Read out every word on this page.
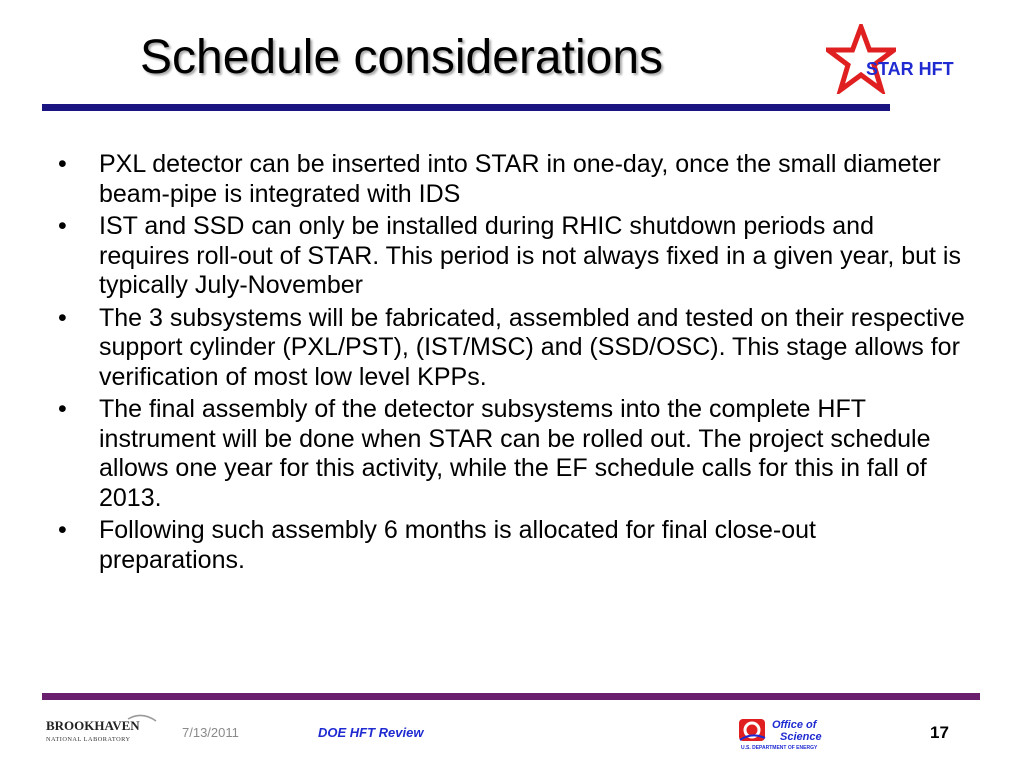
Schedule considerations	STAR HFT
• PXL detector can be inserted into STAR in one-day, once the small diameter beam-pipe is integrated with IDS
• IST and SSD can only be installed during RHIC shutdown periods and requires roll-out of STAR. This period is not always fixed in a given year, but is typically July-November
• The 3 subsystems will be fabricated, assembled and tested on their respective support cylinder (PXL/PST), (IST/MSC) and (SSD/OSC). This stage allows for verification of most low level KPPs.
• The final assembly of the detector subsystems into the complete HFT instrument will be done when STAR can be rolled out. The project schedule allows one year for this activity, while the EF schedule calls for this in fall of 2013.
• Following such assembly 6 months is allocated for final close-out preparations.
BROOKHAVEN
NATIONAL LABORATORY	7/13/2011	DOE HFT Review	Office of
Science
U.S. DEPARTMENT OF ENERGY
17
